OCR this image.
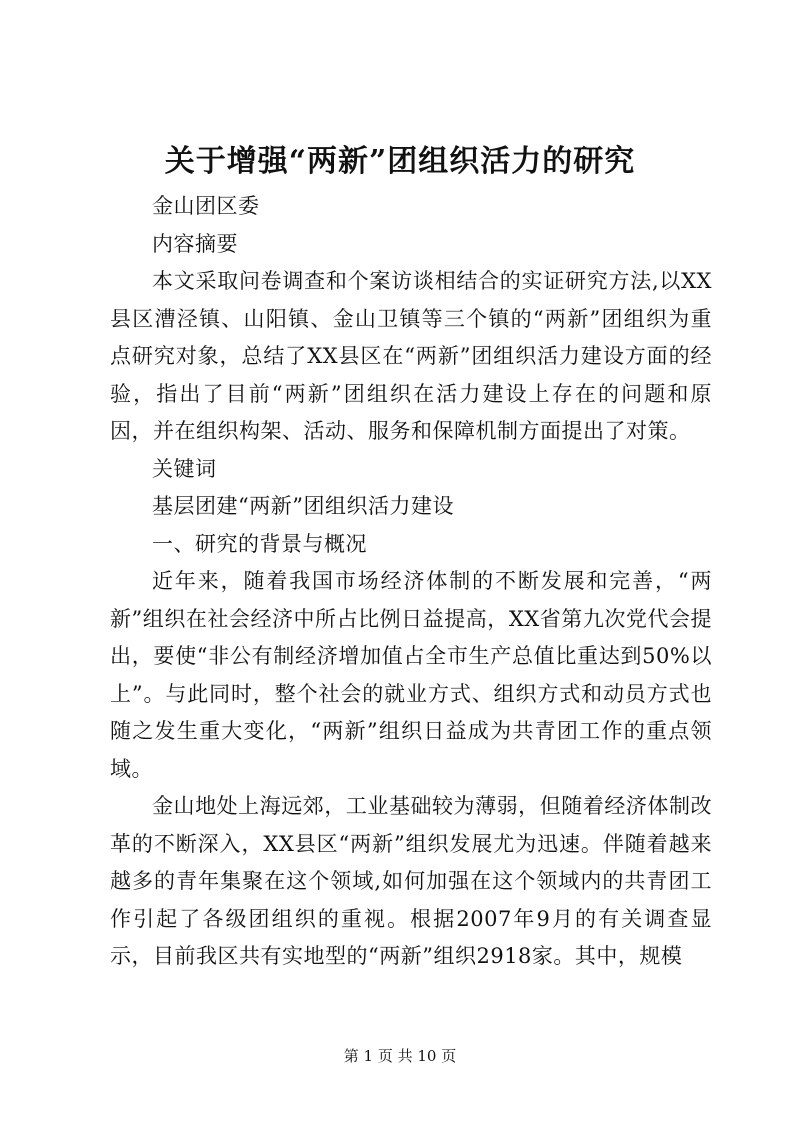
关于增强“两新”团组织活力的研究

金山团区委

内容摘要

本文采取问卷调查和个案访谈相结合的实证研究方法,以XX县区漕泾镇、山阳镇、金山卫镇等三个镇的“两新”团组织为重点研究对象，总结了XX县区在“两新”团组织活力建设方面的经验，指出了目前“两新”团组织在活力建设上存在的问题和原因，并在组织构架、活动、服务和保障机制方面提出了对策。

关键词

基层团建“两新”团组织活力建设

一、研究的背景与概况

近年来，随着我国市场经济体制的不断发展和完善，“两新”组织在社会经济中所占比例日益提高，XX省第九次党代会提出，要使“非公有制经济增加值占全市生产总值比重达到50%以上”。与此同时，整个社会的就业方式、组织方式和动员方式也随之发生重大变化，“两新”组织日益成为共青团工作的重点领域。

金山地处上海远郊，工业基础较为薄弱，但随着经济体制改革的不断深入，XX县区“两新”组织发展尤为迅速。伴随着越来越多的青年集聚在这个领域,如何加强在这个领域内的共青团工作引起了各级团组织的重视。根据2007年9月的有关调查显示，目前我区共有实地型的“两新”组织2918家。其中，规模

第 1 页 共 10 页
